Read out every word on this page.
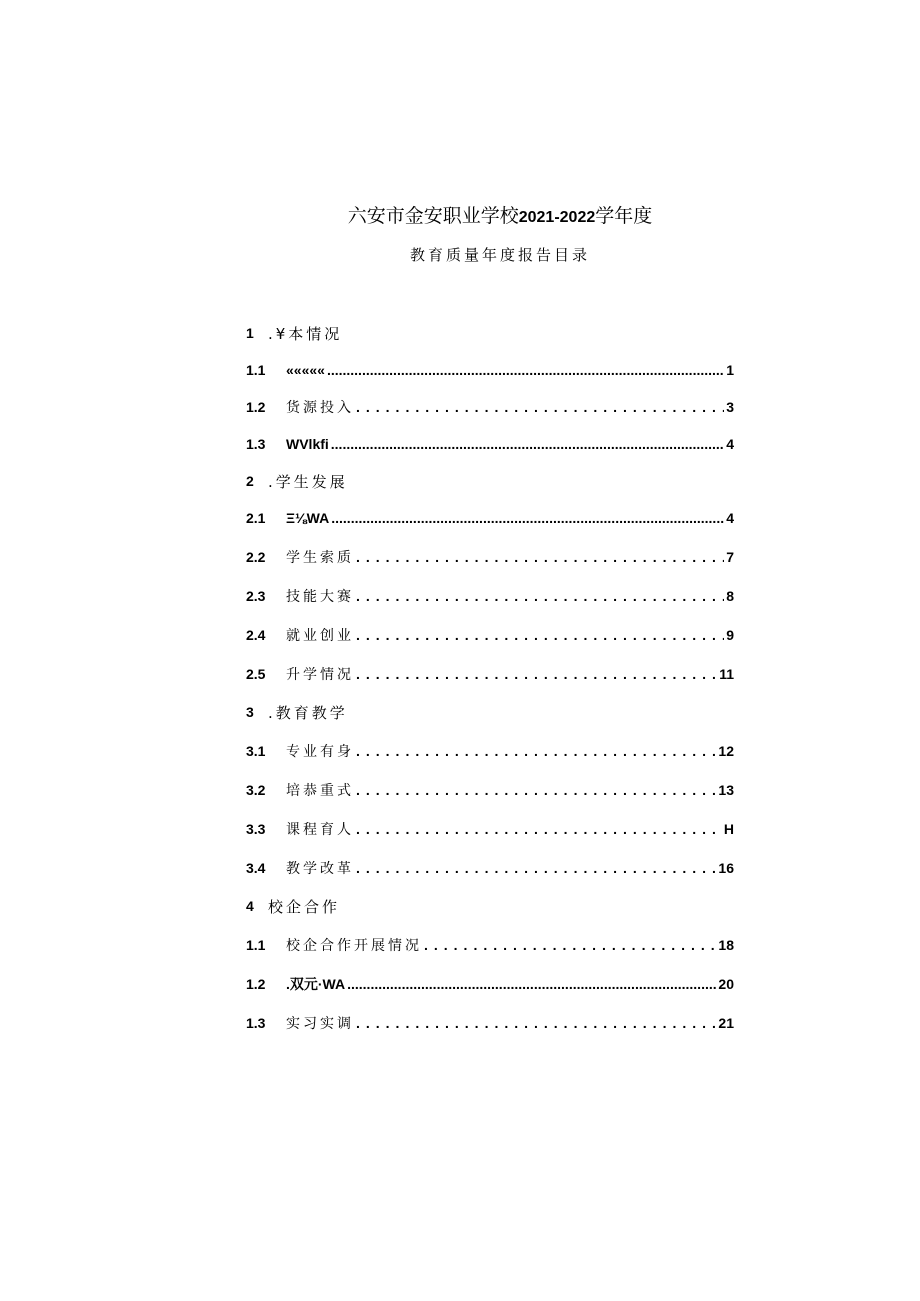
六安市金安职业学校2021-2022学年度
教育质量年度报告目录
1 .¥本情况
1.1	««««« .....	1
1.2	货源投入 .....	3
1.3	WVlkfi .....	4
2 .学生发展
2.1	Ξ⅛WA .....	4
2.2	学生索质 .....	7
2.3	技能大赛 .....	8
2.4	就业创业 .....	9
2.5	升学情况 .....	11
3 .教育教学
3.1	专业有身 .....	12
3.2	培恭重式 .....	13
3.3	课程育人 .....	H
3.4	教学改革 .....	16
4 校企合作
1.1	校企合作开展情况 .....	18
1.2	.双元·WA .....	20
1.3	实习实调 .....	21
